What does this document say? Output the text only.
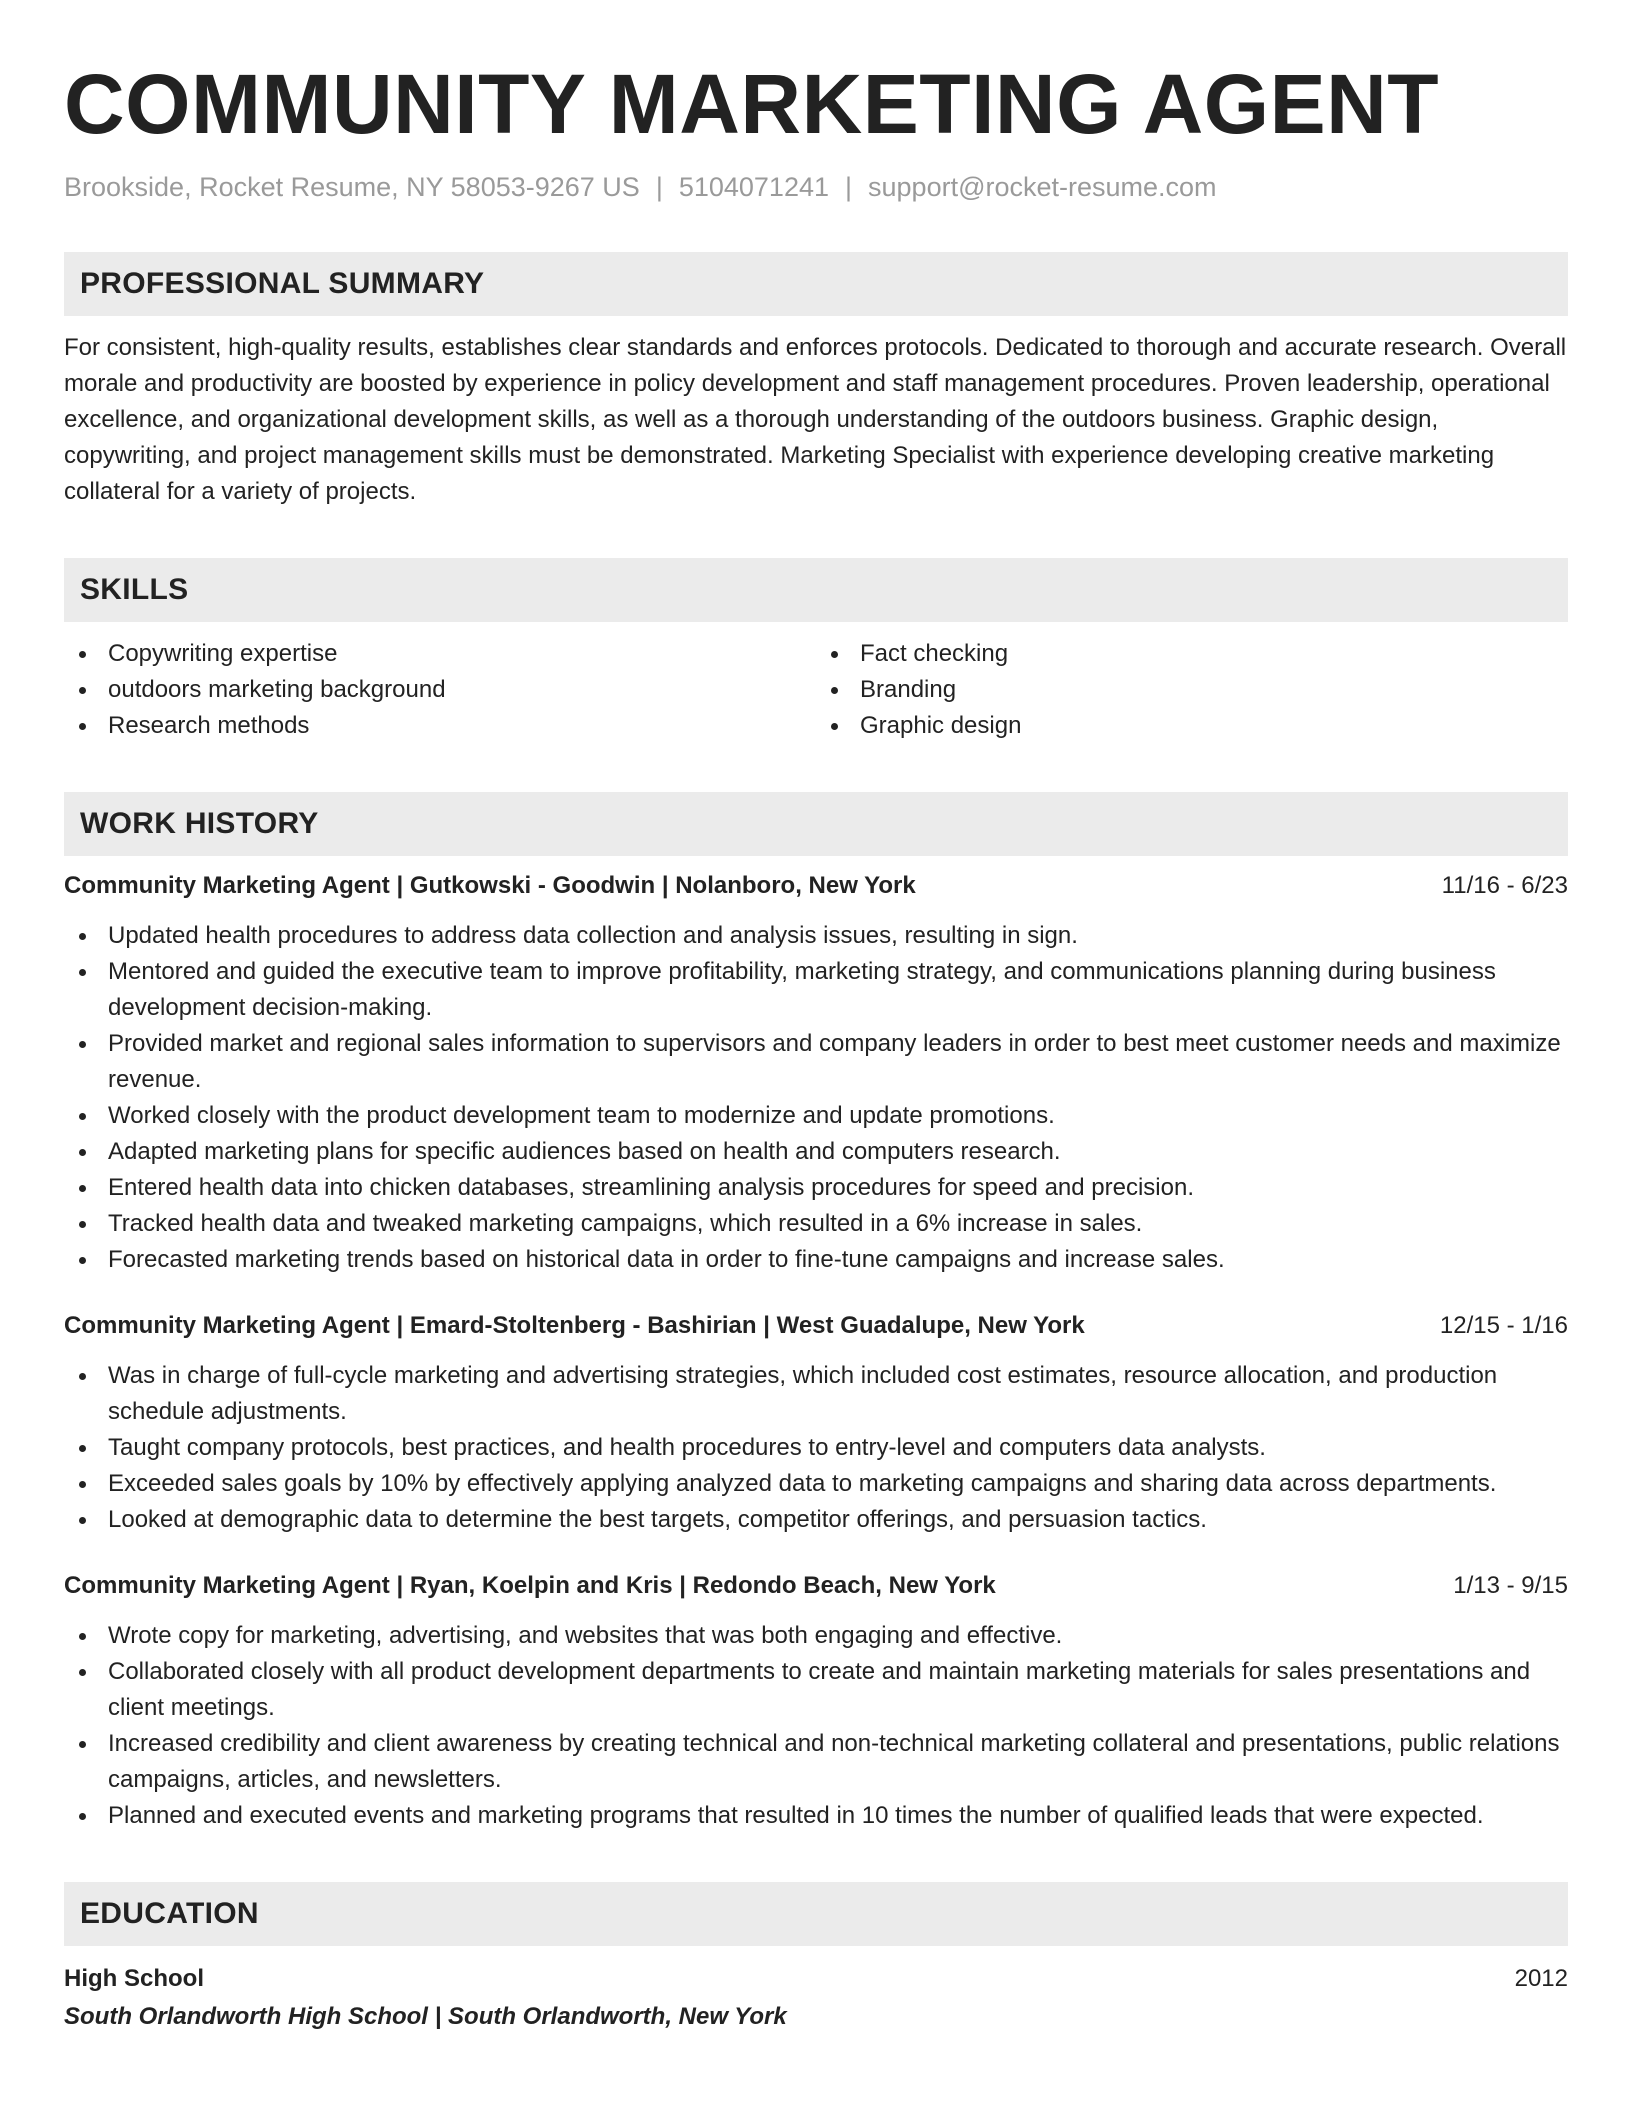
COMMUNITY MARKETING AGENT
Brookside, Rocket Resume, NY 58053-9267 US | 5104071241 | support@rocket-resume.com
PROFESSIONAL SUMMARY
For consistent, high-quality results, establishes clear standards and enforces protocols. Dedicated to thorough and accurate research. Overall morale and productivity are boosted by experience in policy development and staff management procedures. Proven leadership, operational excellence, and organizational development skills, as well as a thorough understanding of the outdoors business. Graphic design, copywriting, and project management skills must be demonstrated. Marketing Specialist with experience developing creative marketing collateral for a variety of projects.
SKILLS
Copywriting expertise
outdoors marketing background
Research methods
Fact checking
Branding
Graphic design
WORK HISTORY
Community Marketing Agent | Gutkowski - Goodwin | Nolanboro, New York	11/16 - 6/23
Updated health procedures to address data collection and analysis issues, resulting in sign.
Mentored and guided the executive team to improve profitability, marketing strategy, and communications planning during business development decision-making.
Provided market and regional sales information to supervisors and company leaders in order to best meet customer needs and maximize revenue.
Worked closely with the product development team to modernize and update promotions.
Adapted marketing plans for specific audiences based on health and computers research.
Entered health data into chicken databases, streamlining analysis procedures for speed and precision.
Tracked health data and tweaked marketing campaigns, which resulted in a 6% increase in sales.
Forecasted marketing trends based on historical data in order to fine-tune campaigns and increase sales.
Community Marketing Agent | Emard-Stoltenberg - Bashirian | West Guadalupe, New York	12/15 - 1/16
Was in charge of full-cycle marketing and advertising strategies, which included cost estimates, resource allocation, and production schedule adjustments.
Taught company protocols, best practices, and health procedures to entry-level and computers data analysts.
Exceeded sales goals by 10% by effectively applying analyzed data to marketing campaigns and sharing data across departments.
Looked at demographic data to determine the best targets, competitor offerings, and persuasion tactics.
Community Marketing Agent | Ryan, Koelpin and Kris | Redondo Beach, New York	1/13 - 9/15
Wrote copy for marketing, advertising, and websites that was both engaging and effective.
Collaborated closely with all product development departments to create and maintain marketing materials for sales presentations and client meetings.
Increased credibility and client awareness by creating technical and non-technical marketing collateral and presentations, public relations campaigns, articles, and newsletters.
Planned and executed events and marketing programs that resulted in 10 times the number of qualified leads that were expected.
EDUCATION
High School	2012
South Orlandworth High School | South Orlandworth, New York
